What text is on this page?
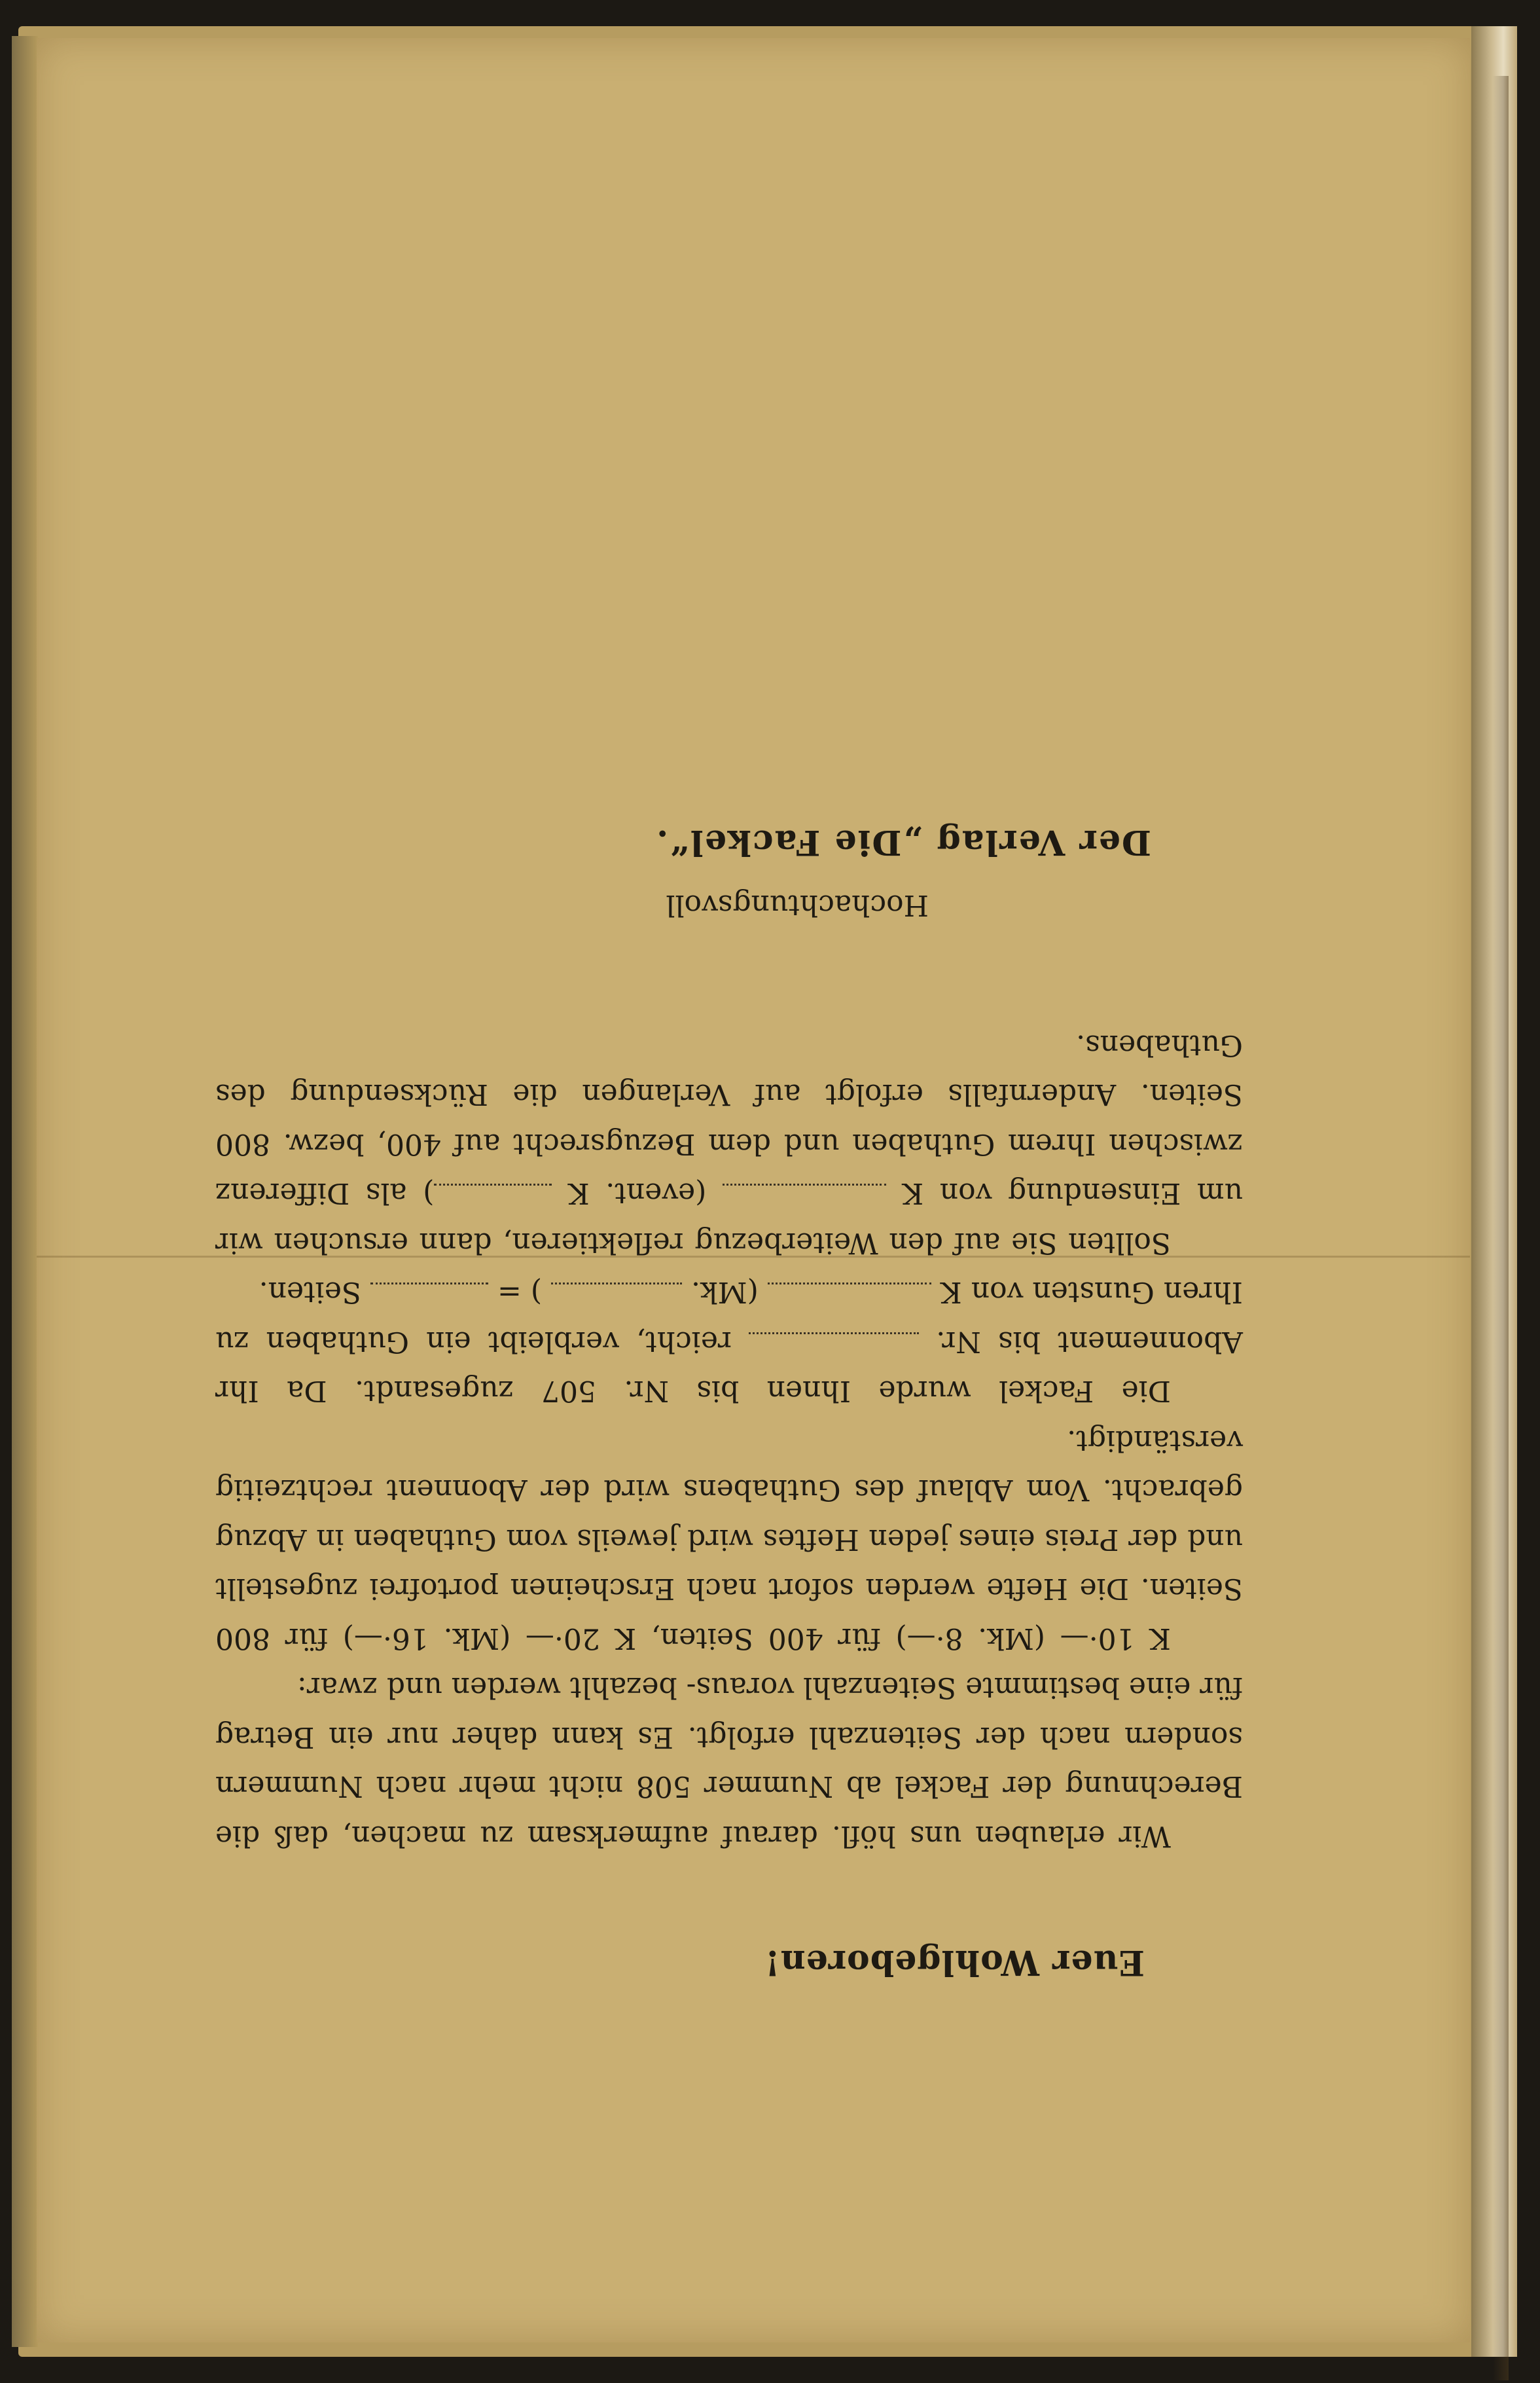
Euer Wohlgeboren!

Wir erlauben uns höfl. darauf aufmerksam zu machen, daß die Berechnung der Fackel ab Nummer 508 nicht mehr nach Nummern sondern nach der Seitenzahl erfolgt. Es kann daher nur ein Betrag für eine bestimmte Seitenzahl voraus- bezahlt werden und zwar:

K 10·— (Mk. 8·—) für 400 Seiten, K 20·— (Mk. 16·—) für 800 Seiten. Die Hefte werden sofort nach Erscheinen portofrei zugestellt und der Preis eines jeden Heftes wird jeweils vom Guthaben in Abzug gebracht. Vom Ablauf des Guthabens wird der Abonnent rechtzeitig verständigt.

Die Fackel wurde Ihnen bis Nr. 507 zugesandt. Da Ihr Abonnement bis Nr.  reicht, verbleibt ein Guthaben zu Ihren Gunsten von K  (Mk.  ) =  Seiten.

Sollten Sie auf den Weiterbezug reflektieren, dann ersuchen wir um Einsendung von K  (event. K ) als Differenz zwischen Ihrem Guthaben und dem Bezugsrecht auf 400, bezw. 800 Seiten. Andernfalls erfolgt auf Verlangen die Rücksendung des Guthabens.

Hochachtungsvoll
Der Verlag „Die Fackel“.
